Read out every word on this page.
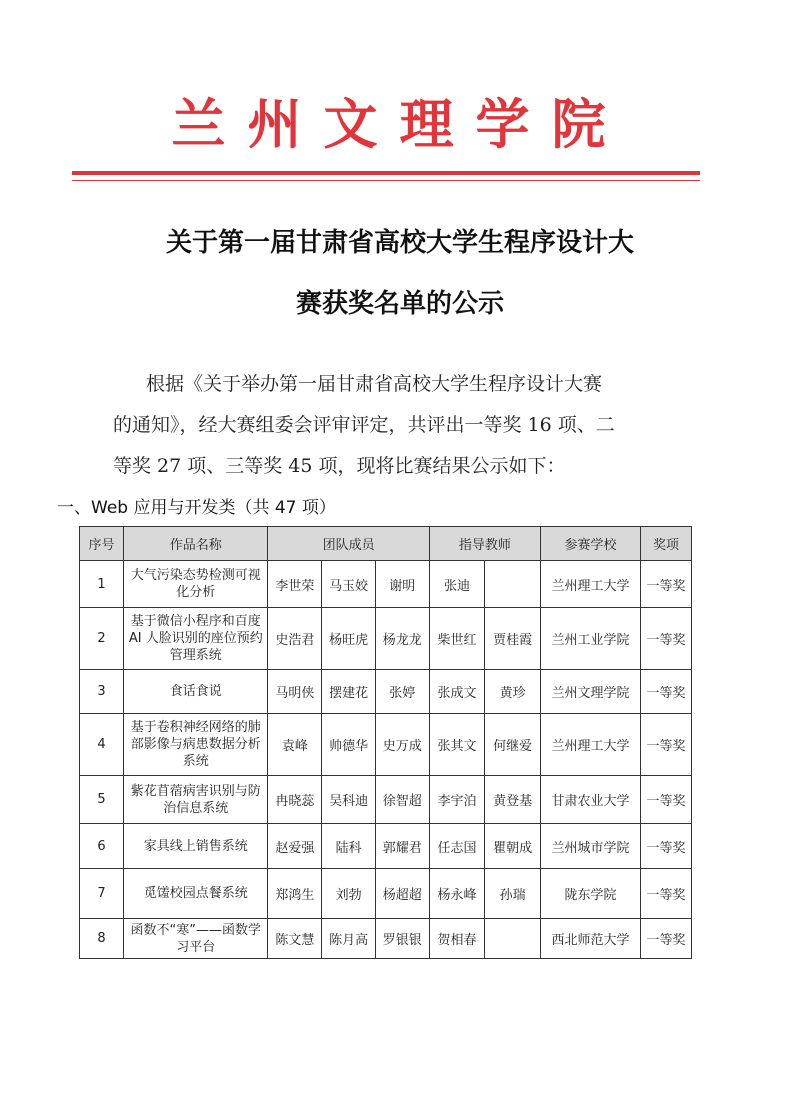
兰州文理学院
关于第一届甘肃省高校大学生程序设计大
赛获奖名单的公示
根据《关于举办第一届甘肃省高校大学生程序设计大赛
的通知》，经大赛组委会评审评定，共评出一等奖 16 项、二
等奖 27 项、三等奖 45 项，现将比赛结果公示如下：
一、Web 应用与开发类（共 47 项）
序号	作品名称	团队成员			指导教师		参赛学校	奖项
1	大气污染态势检测可视化分析	李世荣	马玉姣	谢明	张迪		兰州理工大学	一等奖
2	基于微信小程序和百度 AI 人脸识别的座位预约管理系统	史浩君	杨旺虎	杨龙龙	柴世红	贾桂霞	兰州工业学院	一等奖
3	食话食说	马明侠	摆建花	张婷	张成文	黄珍	兰州文理学院	一等奖
4	基于卷积神经网络的肺部影像与病患数据分析系统	袁峰	帅德华	史万成	张其文	何继爱	兰州理工大学	一等奖
5	紫花苜蓿病害识别与防治信息系统	冉晓蕊	吴科迪	徐智超	李宇泊	黄登基	甘肃农业大学	一等奖
6	家具线上销售系统	赵爱强	陆科	郭耀君	任志国	瞿朝成	兰州城市学院	一等奖
7	觅馐校园点餐系统	郑鸿生	刘勃	杨超超	杨永峰	孙瑞	陇东学院	一等奖
8	函数不“寒”——函数学习平台	陈文慧	陈月高	罗银银	贺相春		西北师范大学	一等奖
